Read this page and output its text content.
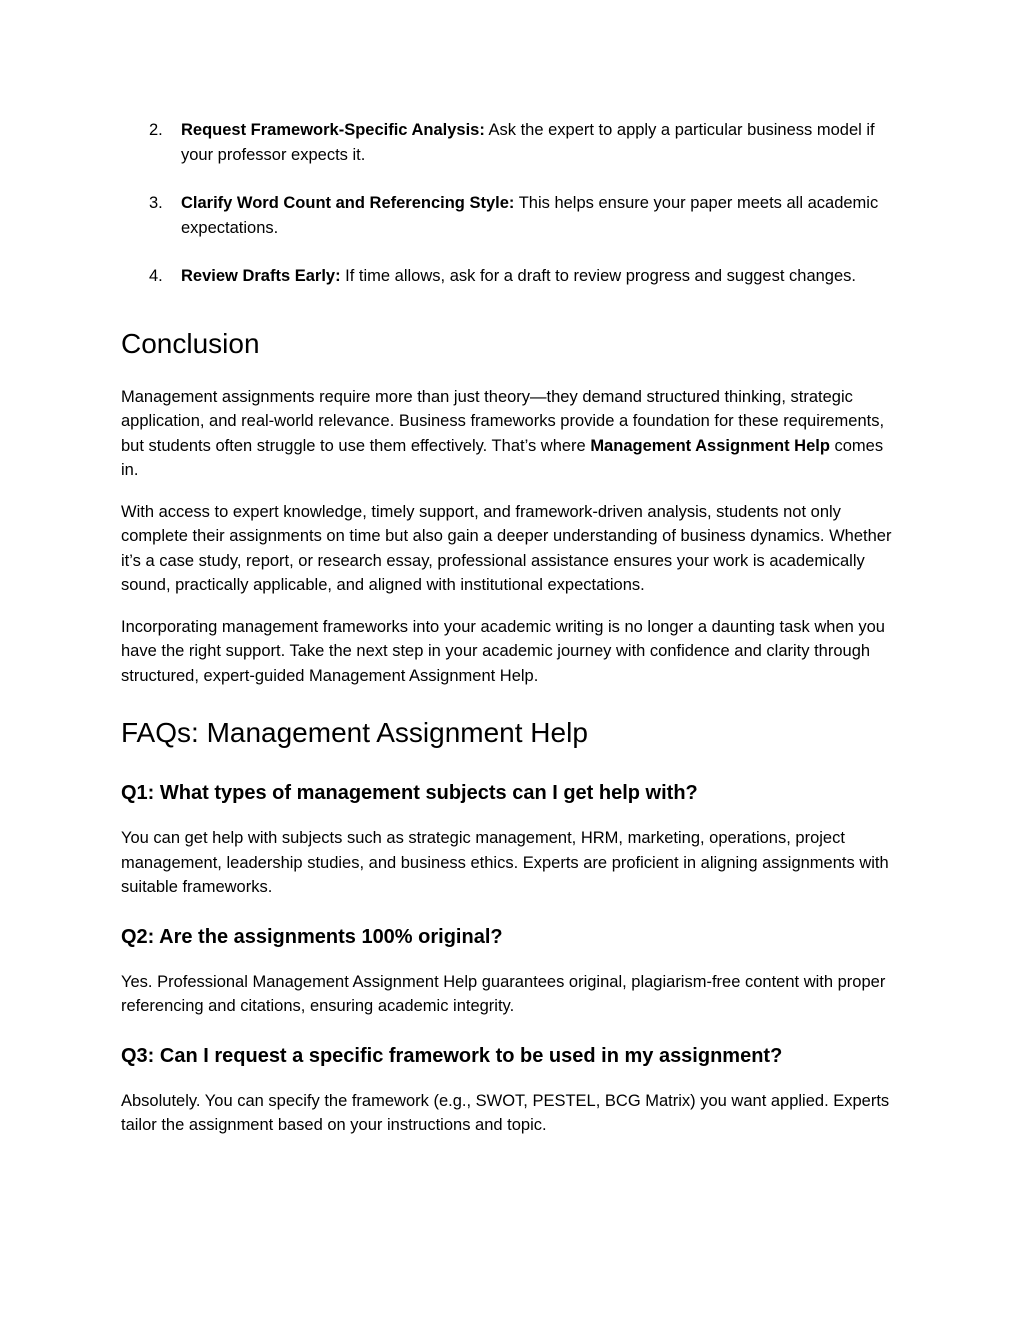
2. Request Framework-Specific Analysis: Ask the expert to apply a particular business model if your professor expects it.
3. Clarify Word Count and Referencing Style: This helps ensure your paper meets all academic expectations.
4. Review Drafts Early: If time allows, ask for a draft to review progress and suggest changes.
Conclusion

Management assignments require more than just theory—they demand structured thinking, strategic application, and real-world relevance. Business frameworks provide a foundation for these requirements, but students often struggle to use them effectively. That’s where Management Assignment Help comes in.

With access to expert knowledge, timely support, and framework-driven analysis, students not only complete their assignments on time but also gain a deeper understanding of business dynamics. Whether it’s a case study, report, or research essay, professional assistance ensures your work is academically sound, practically applicable, and aligned with institutional expectations.

Incorporating management frameworks into your academic writing is no longer a daunting task when you have the right support. Take the next step in your academic journey with confidence and clarity through structured, expert-guided Management Assignment Help.

FAQs: Management Assignment Help
Q1: What types of management subjects can I get help with?

You can get help with subjects such as strategic management, HRM, marketing, operations, project management, leadership studies, and business ethics. Experts are proficient in aligning assignments with suitable frameworks.

Q2: Are the assignments 100% original?

Yes. Professional Management Assignment Help guarantees original, plagiarism-free content with proper referencing and citations, ensuring academic integrity.

Q3: Can I request a specific framework to be used in my assignment?

Absolutely. You can specify the framework (e.g., SWOT, PESTEL, BCG Matrix) you want applied. Experts tailor the assignment based on your instructions and topic.
